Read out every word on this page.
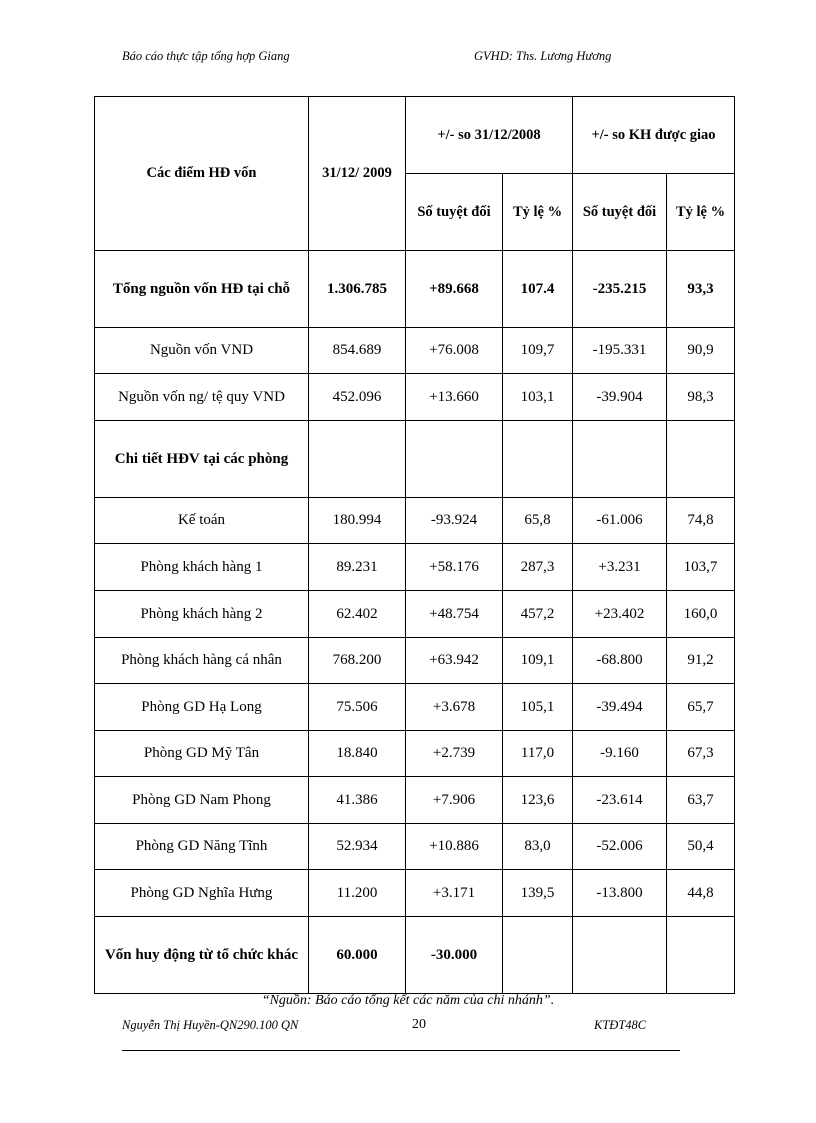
Báo cáo thực tập tổng hợp Giang	GVHD: Ths. Lương Hương
Các điểm HĐ vốn	31/12/ 2009	+/- so 31/12/2008		+/- so KH được giao	
		Số tuyệt đối	Tỷ lệ %	Số tuyệt đối	Tỷ lệ %
Tổng nguồn vốn HĐ tại chỗ	1.306.785	+89.668	107.4	-235.215	93,3
Nguồn vốn VND	854.689	+76.008	109,7	-195.331	90,9
Nguồn vốn ng/ tệ quy VND	452.096	+13.660	103,1	-39.904	98,3
Chi tiết HĐV tại các phòng					
Kế toán	180.994	-93.924	65,8	-61.006	74,8
Phòng khách hàng 1	89.231	+58.176	287,3	+3.231	103,7
Phòng khách hàng 2	62.402	+48.754	457,2	+23.402	160,0
Phòng khách hàng cá nhân	768.200	+63.942	109,1	-68.800	91,2
Phòng GD Hạ Long	75.506	+3.678	105,1	-39.494	65,7
Phòng GD Mỹ Tân	18.840	+2.739	117,0	-9.160	67,3
Phòng GD Nam Phong	41.386	+7.906	123,6	-23.614	63,7
Phòng GD Năng Tĩnh	52.934	+10.886	83,0	-52.006	50,4
Phòng GD Nghĩa Hưng	11.200	+3.171	139,5	-13.800	44,8
Vốn huy động từ tổ chức khác	60.000	-30.000			
“Nguồn: Báo cáo tổng kết các năm của chi nhánh”.
Nguyễn Thị Huyền-QN290.100 QN	20	KTĐT48C
